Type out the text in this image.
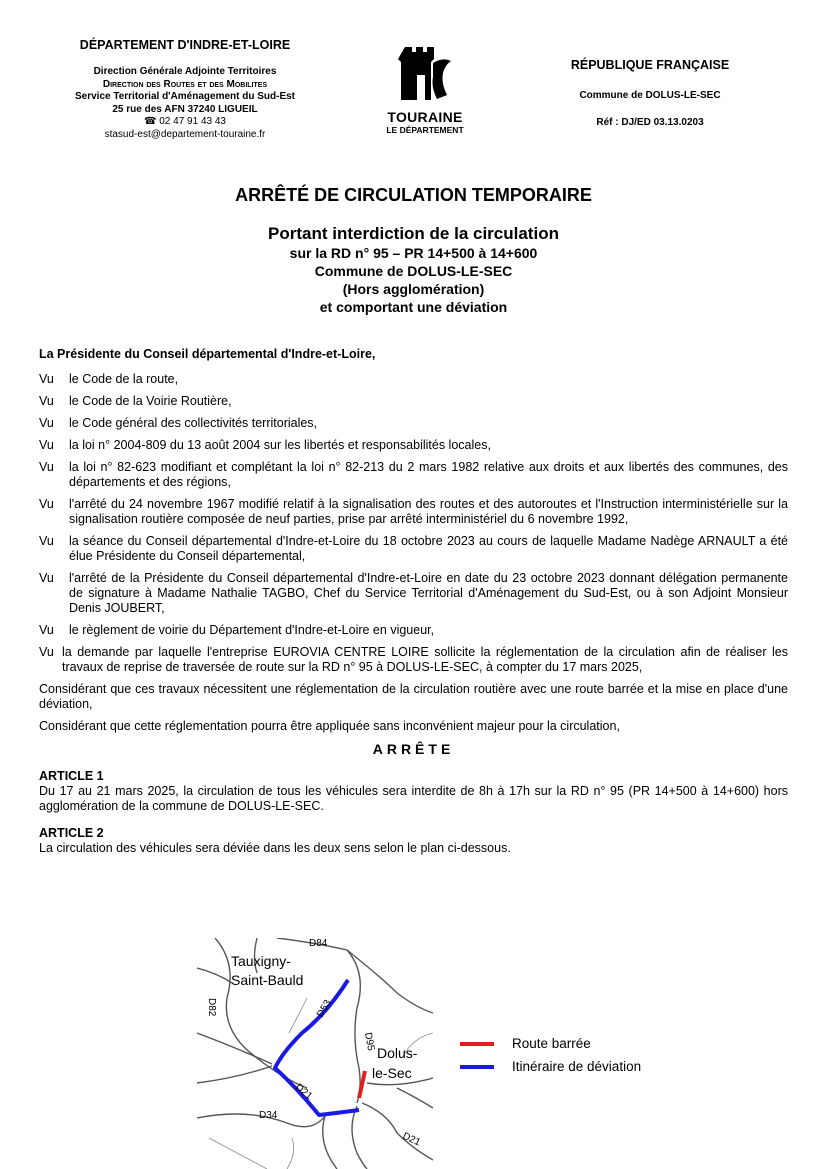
DÉPARTEMENT D'INDRE-ET-LOIRE
Direction Générale Adjointe Territoires
Direction des Routes et des Mobilites
Service Territorial d'Aménagement du Sud-Est
25 rue des AFN 37240 LIGUEIL
☎ 02 47 91 43 43
stasud-est@departement-touraine.fr
TOURAINE
LE DÉPARTEMENT
RÉPUBLIQUE FRANÇAISE
Commune de DOLUS-LE-SEC
Réf : DJ/ED 03.13.0203
ARRÊTÉ DE CIRCULATION TEMPORAIRE
Portant interdiction de la circulation
sur la RD n° 95 – PR 14+500 à 14+600
Commune de DOLUS-LE-SEC
(Hors agglomération)
et comportant une déviation
La Présidente du Conseil départemental d'Indre-et-Loire,
Vu	le Code de la route,
Vu	le Code de la Voirie Routière,
Vu	le Code général des collectivités territoriales,
Vu	la loi n° 2004-809 du 13 août 2004 sur les libertés et responsabilités locales,
Vu	la loi n° 82-623 modifiant et complétant la loi n° 82-213 du 2 mars 1982 relative aux droits et aux libertés des communes, des départements et des régions,
Vu	l'arrêté du 24 novembre 1967 modifié relatif à la signalisation des routes et des autoroutes et l'Instruction interministérielle sur la signalisation routière composée de neuf parties, prise par arrêté interministériel du 6 novembre 1992,
Vu	la séance du Conseil départemental d'Indre-et-Loire du 18 octobre 2023 au cours de laquelle Madame Nadège ARNAULT a été élue Présidente du Conseil départemental,
Vu	l'arrêté de la Présidente du Conseil départemental d'Indre-et-Loire en date du 23 octobre 2023 donnant délégation permanente de signature à Madame Nathalie TAGBO, Chef du Service Territorial d'Aménagement du Sud-Est, ou à son Adjoint Monsieur Denis JOUBERT,
Vu	le règlement de voirie du Département d'Indre-et-Loire en vigueur,
Vu la demande par laquelle l'entreprise EUROVIA CENTRE LOIRE sollicite la réglementation de la circulation afin de réaliser les travaux de reprise de traversée de route sur la RD n° 95 à DOLUS-LE-SEC, à compter du 17 mars 2025,
Considérant que ces travaux nécessitent une réglementation de la circulation routière avec une route barrée et la mise en place d'une déviation,
Considérant que cette réglementation pourra être appliquée sans inconvénient majeur pour la circulation,
ARRÊTE
ARTICLE 1
Du 17 au 21 mars 2025, la circulation de tous les véhicules sera interdite de 8h à 17h sur la RD n° 95 (PR 14+500 à 14+600) hors agglomération de la commune de DOLUS-LE-SEC.
ARTICLE 2
La circulation des véhicules sera déviée dans les deux sens selon le plan ci-dessous.
Tauxigny-
Saint-Bauld
Dolus-
le-Sec
D84
D82	D53
D95
D21
D34
D21
Route barrée
Itinéraire de déviation
